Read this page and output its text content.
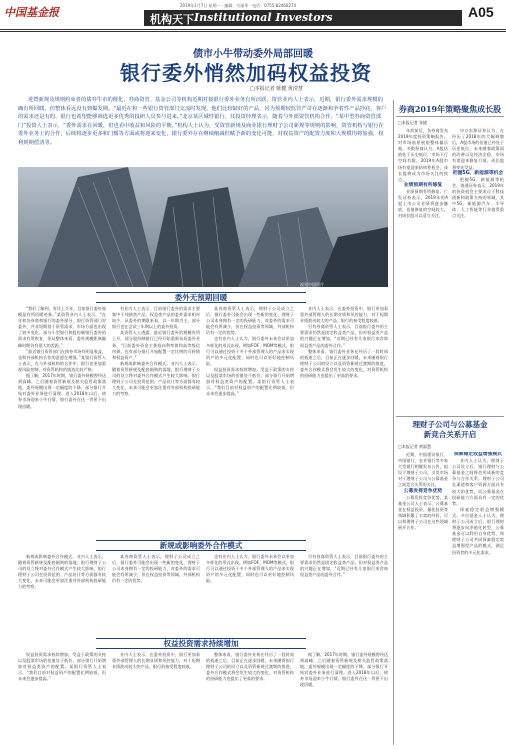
中国基金报
2019年1月7日 星期一 · 编辑：方丽华 · 电话：0755-82468270
机构天下 Institutional Investors	A05
债市小牛带动委外局部回暖
银行委外悄然加码权益投资
□本报记者 陈健 黄滢慧
进暨新规及规则约束者的债券牛市的催化，券商资管、基金公司等机构近期对接银行委外业务有所活跃，资管业内人士表示，近期，银行委外需求规模的确有所回暖，但整体看远没有到爆发期。“最近在和一些银行资管部门交流时发现，他们比较缺好的产品，因为预期较监管严苛在逐渐和争着性产品抄底，客户的需求还是有的，银行也希望能够筛选更多优秀的投研人员参与进来。”北京某区域性银行，其投资经理表示，随着与外部资管机构合作，“某中型券商资管部门”投资人士表示，“委外需求在回暖，但也看中收益和风险的平衡。”机构人士认为，受资管新规及商业银行理财子公司新规等规则的影响，资管机构与银行在委外业务上的合作，后续将逐步更多和门槛等方面或将迎来变化，银行委外存在继续缩减但赋予新的变化可能，对权益资产的配置力度和大规模均将加强，权利到期偿清等。
视觉中国图片
委外无预期回暖

“我们了解到，有比上半年，目前银行委外规模是有所回暖迹象。”某资管业内人士表示，“在年初各券商和银行的委外部分，银行资管部门对委外，并非短期基于资管需求，市场方面也出现了较多变化。部分小型银行和股份制银行委外的需求有所恢复，但从整体来看，委外规模距离巅峰时期仍有很大的差距。”

“最近银行资管部门在债券市场有明显收益，也和外部机构合作的意愿在增强。”某银行资管人士表示，在与外部机构的合作中，银行也更加重视风险控制，对资管机构的挑选比较严格。

据了解，2017年时期，银行委外规模曾经达到高峰，之后随着资管新规及相关监管政策落地，委外规模出现一定幅度的下降，部分银行开始对委外业务进行清理。进入2018年以后，债券市场迎来小牛行情，银行委外在这一背景下出现回暖。

有业内人士表示，目前银行委外的需求主要集中于纯债类产品，权益类产品的委外需求相对较少。从委外的期限来看，以一年期为主，部分银行也在尝试三年期以上的委外投资。

某资管人士透露，最近银行委外的规模有所上升，部分股份制银行已经开始重新布局委外业务，“目前委外资金主要投向利率债和高等级信用债，也有部分银行开始配置一定比例的可转债和权益资产。”

新规或影响委外合作模式。业内人士表示，随着资管新规及配套细则的落地，银行理财子公司的设立将对委外合作模式产生较大影响，银行理财子公司在投资范围、产品设计等方面都有较大变化，未来可能会更加注重对外部机构投研能力的考察。

某券商资管人士表示，理财子公司成立之后，银行委外可能会出现一些新的变化，理财子公司本身拥有一定的投研能力，对委外的需求可能会有所减少，但在权益投资等领域，外部机构仍有一定的优势。

也有业内人士认为，银行委外未来会以更加多样化的形式出现，例如FOF、MOM等模式。银行可以通过投资于多个外部管理人的产品来实现资产的多元化配置，同时也可以更好地控制风险。

权益投资需求持续增加。受益于政策的支持以及股票市场的估值处于低位，部分银行开始增加对权益类资产的配置。某银行资管人士表示，“我们目前对权益资产的配置比例较低，但未来会逐步提高。”

业内人士表示，在委外投资中，银行更加看重外部管理人的长期业绩和风控能力，对于短期业绩波动较大的产品，银行的接受程度较低。

另有券商资管人士表示，目前银行委外的主要需求仍然是固定收益类产品，但对权益类产品的兴趣正在增加，“近期已经有几家银行来咨询权益类产品的委外合作。”

整体来看，银行委外业务在经历了一段时间的低迷之后，目前正在逐步回暖，未来随着银行理财子公司的设立以及资管新规过渡期的推进，委外合作模式将会发生较大的变化，对资管机构的投研能力也提出了更高的要求。

新规或影响委外合作模式

新规或影响委外合作模式。业内人士表示，随着资管新规及配套细则的落地，银行理财子公司的设立将对委外合作模式产生较大影响，银行理财子公司在投资范围、产品设计等方面都有较大变化，未来可能会更加注重对外部机构投研能力的考察。

某券商资管人士表示，理财子公司成立之后，银行委外可能会出现一些新的变化，理财子公司本身拥有一定的投研能力，对委外的需求可能会有所减少，但在权益投资等领域，外部机构仍有一定的优势。

也有业内人士认为，银行委外未来会以更加多样化的形式出现，例如FOF、MOM等模式。银行可以通过投资于多个外部管理人的产品来实现资产的多元化配置，同时也可以更好地控制风险。

另有券商资管人士表示，目前银行委外的主要需求仍然是固定收益类产品，但对权益类产品的兴趣正在增加，“近期已经有几家银行来咨询权益类产品的委外合作。”

权益投资需求持续增加

权益投资需求持续增加。受益于政策的支持以及股票市场的估值处于低位，部分银行开始增加对权益类资产的配置。某银行资管人士表示，“我们目前对权益资产的配置比例较低，但未来会逐步提高。”

业内人士表示，在委外投资中，银行更加看重外部管理人的长期业绩和风控能力，对于短期业绩波动较大的产品，银行的接受程度较低。

整体来看，银行委外业务在经历了一段时间的低迷之后，目前正在逐步回暖，未来随着银行理财子公司的设立以及资管新规过渡期的推进，委外合作模式将会发生较大的变化，对资管机构的投研能力也提出了更高的要求。

据了解，2017年时期，银行委外规模曾经达到高峰，之后随着资管新规及相关监管政策落地，委外规模出现一定幅度的下降，部分银行开始对委外业务进行清理。进入2018年以后，债券市场迎来小牛行情，银行委外在这一背景下出现回暖。

券商2019年策略聚焦成长股
□本报记者 张捷

年底前后，各券商发布2019年度投资策略报告，对市场前景展望整体偏乐观。多数券商认为，A股估值处于历史低位，市场下行空间有限，2019年A股市场有望迎来结构性机会，成长股将成为市场关注的焦点。

业绩预期有所修复

业绩预期有所修复。广发证券表示，2019年的A股上市公司业绩将逐步触底，估值修复的空间较大，对成长股可以适当关注。

申万宏源证券认为，在经历了2018年的大幅调整后，A股市场的估值已经处于历史低位，未来随着政策面的改善以及经济企稳，市场有望迎来修复行情，成长股将率先受益。

把握5G、新能源等机会

把握5G、新能源等机会。海通证券表示，2019年的投资机会主要来自于科技创新和政策支持的领域，其中5G、新能源汽车、半导体、人工智能等行业值得重点关注。

理财子公司与公募基金
新竞合关系开启
□本报记者 黄淑慧

近期，中国建设银行、中国银行、农业银行等多家大型银行相继发布公告，拟设立理财子公司，引发市场对于理财子公司与公募基金之间竞合关系的关注。

公募发挥竞争优势

公募发挥竞争优势。某基金公司人士表示，公募基金在权益投资、量化投资等领域积累了丰富的经验，可以和理财子公司在这些领域展开合作。

探索稳定收益增强模式

业内人士认为，理财子公司设立后，银行理财与公募基金之间将会形成新的竞争与合作关系。理财子公司在渠道和客户资源方面具有较大的优势，而公募基金在投研能力方面具有一定的优势。

探索稳定收益增强模式。多位基金人士认为，理财子公司成立后，银行理财将逐步向净值化转型，公募基金可以利用自身优势，和理财子公司共同探索稳定收益增强型产品的模式，满足投资者的多元化需求。
